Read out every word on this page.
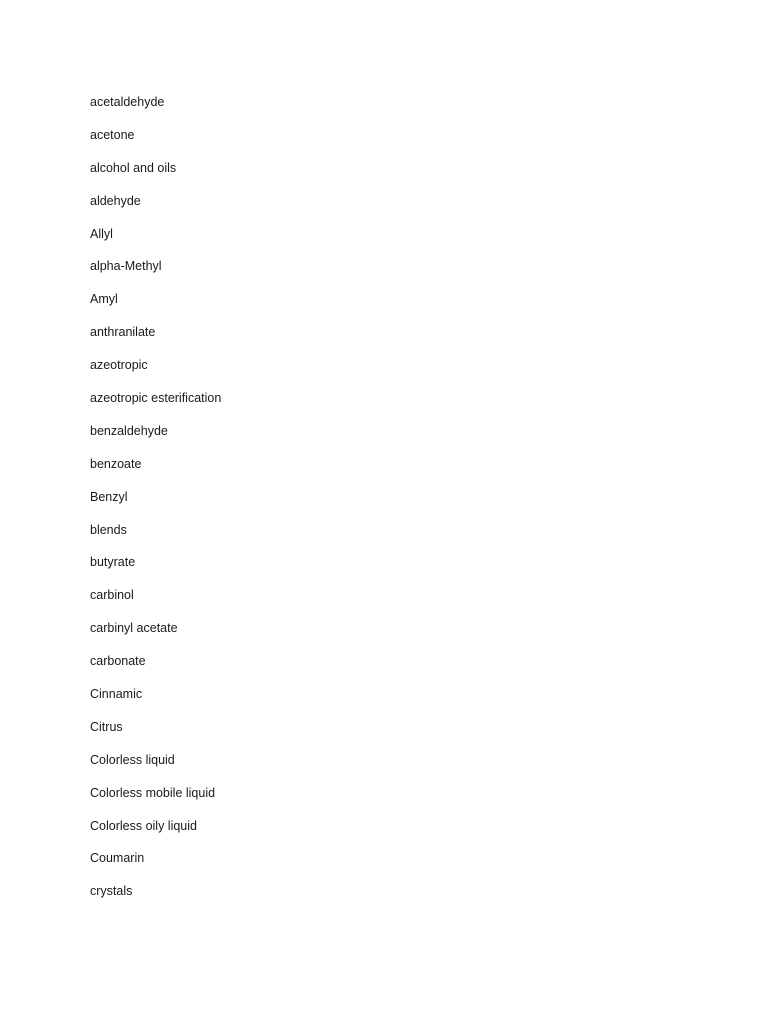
acetaldehyde
acetone
alcohol and oils
aldehyde
Allyl
alpha-Methyl
Amyl
anthranilate
azeotropic
azeotropic esterification
benzaldehyde
benzoate
Benzyl
blends
butyrate
carbinol
carbinyl acetate
carbonate
Cinnamic
Citrus
Colorless liquid
Colorless mobile liquid
Colorless oily liquid
Coumarin
crystals
